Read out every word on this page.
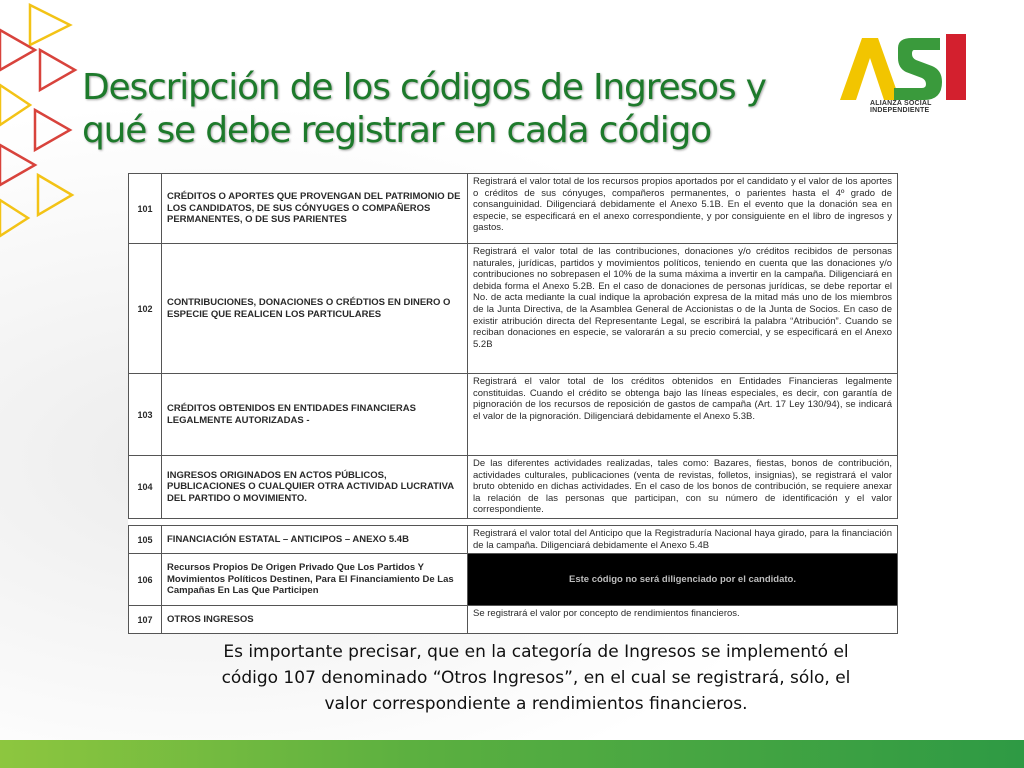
ALIANZA SOCIAL INDEPENDIENTE
Descripción de los códigos de Ingresos y
qué se debe registrar en cada código
101	CRÉDITOS O APORTES QUE PROVENGAN DEL PATRIMONIO DE LOS CANDIDATOS, DE SUS CÓNYUGES O COMPAÑEROS PERMANENTES, O DE SUS PARIENTES	Registrará el valor total de los recursos propios aportados por el candidato y el valor de los aportes o créditos de sus cónyuges, compañeros permanentes, o parientes hasta el 4º grado de consanguinidad. Diligenciará debidamente el Anexo 5.1B. En el evento que la donación sea en especie, se especificará en el anexo correspondiente, y por consiguiente en el libro de ingresos y gastos.
102	CONTRIBUCIONES, DONACIONES O CRÉDTIOS EN DINERO O ESPECIE QUE REALICEN LOS PARTICULARES	Registrará el valor total de las contribuciones, donaciones y/o créditos recibidos de personas naturales, jurídicas, partidos y movimientos políticos, teniendo en cuenta que las donaciones y/o contribuciones no sobrepasen el 10% de la suma máxima a invertir en la campaña. Diligenciará en debida forma el Anexo 5.2B. En el caso de donaciones de personas jurídicas, se debe reportar el No. de acta mediante la cual indique la aprobación expresa de la mitad más uno de los miembros de la Junta Directiva, de la Asamblea General de Accionistas o de la Junta de Socios. En caso de existir atribución directa del Representante Legal, se escribirá la palabra “Atribución”. Cuando se reciban donaciones en especie, se valorarán a su precio comercial, y se especificará en el Anexo 5.2B
103	CRÉDITOS OBTENIDOS EN ENTIDADES FINANCIERAS LEGALMENTE AUTORIZADAS -	Registrará el valor total de los créditos obtenidos en Entidades Financieras legalmente constituidas. Cuando el crédito se obtenga bajo las líneas especiales, es decir, con garantía de pignoración de los recursos de reposición de gastos de campaña (Art. 17 Ley 130/94), se indicará el valor de la pignoración. Diligenciará debidamente el Anexo 5.3B.
104	INGRESOS ORIGINADOS EN ACTOS PÚBLICOS, PUBLICACIONES O CUALQUIER OTRA ACTIVIDAD LUCRATIVA DEL PARTIDO O MOVIMIENTO.	De las diferentes actividades realizadas, tales como: Bazares, fiestas, bonos de contribución, actividades culturales, publicaciones (venta de revistas, folletos, insignias), se registrará el valor bruto obtenido en dichas actividades. En el caso de los bonos de contribución, se requiere anexar la relación de las personas que participan, con su número de identificación y el valor correspondiente.

105	FINANCIACIÓN ESTATAL – ANTICIPOS – ANEXO 5.4B	Registrará el valor total del Anticipo que la Registraduría Nacional haya girado, para la financiación de la campaña. Diligenciará debidamente el Anexo 5.4B
106	Recursos Propios De Origen Privado Que Los Partidos Y Movimientos Políticos Destinen, Para El Financiamiento De Las Campañas En Las Que Participen	Este código no será diligenciado por el candidato.
107	OTROS INGRESOS	Se registrará el valor por concepto de rendimientos financieros.
Es importante precisar, que en la categoría de Ingresos se implementó el código 107 denominado “Otros Ingresos”, en el cual se registrará, sólo, el valor correspondiente a rendimientos financieros.
